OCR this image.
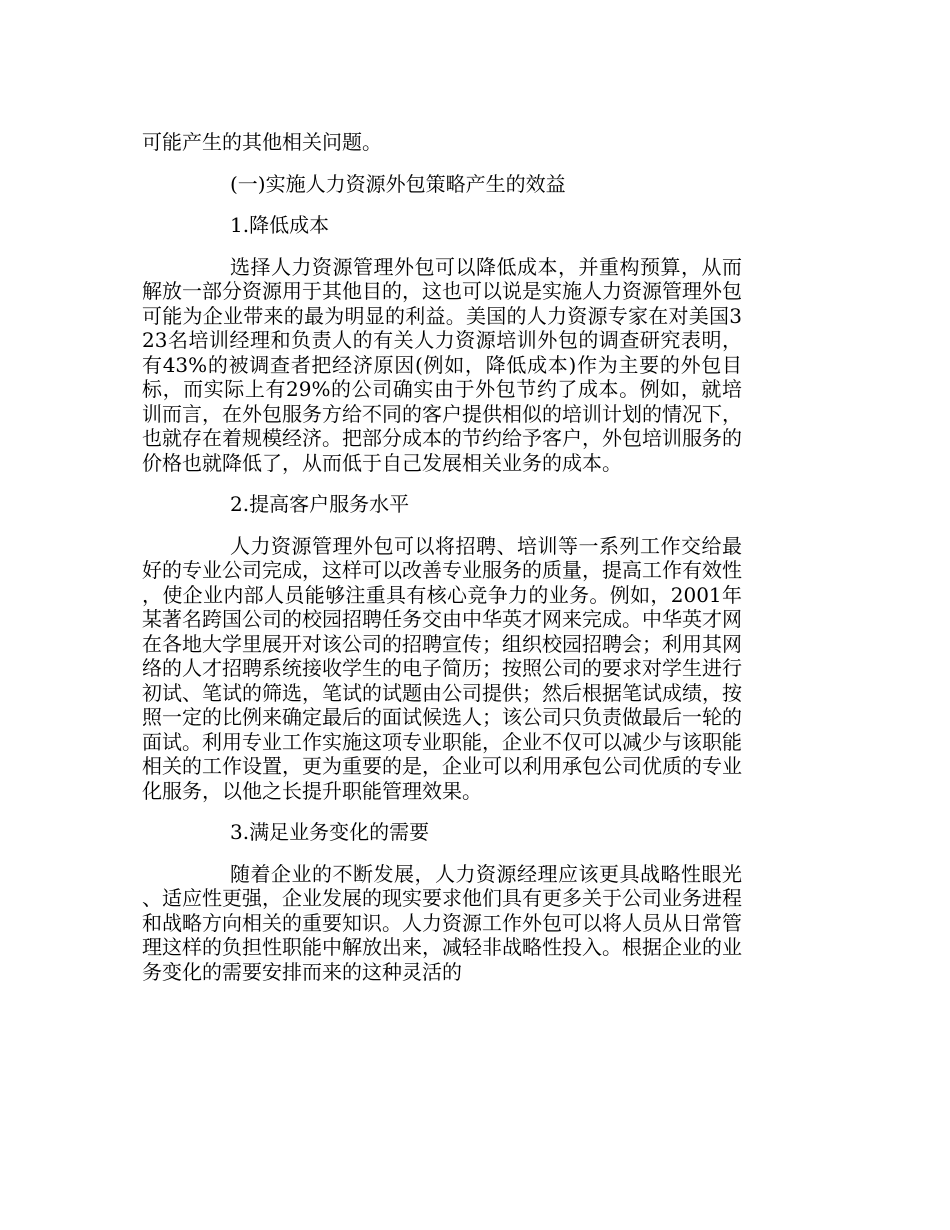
可能产生的其他相关问题。

(一)实施人力资源外包策略产生的效益

1.降低成本

选择人力资源管理外包可以降低成本，并重构预算，从而解放一部分资源用于其他目的，这也可以说是实施人力资源管理外包可能为企业带来的最为明显的利益。美国的人力资源专家在对美国323名培训经理和负责人的有关人力资源培训外包的调查研究表明，有43%的被调查者把经济原因(例如，降低成本)作为主要的外包目标，而实际上有29%的公司确实由于外包节约了成本。例如，就培训而言，在外包服务方给不同的客户提供相似的培训计划的情况下，也就存在着规模经济。把部分成本的节约给予客户，外包培训服务的价格也就降低了，从而低于自己发展相关业务的成本。

2.提高客户服务水平

人力资源管理外包可以将招聘、培训等一系列工作交给最好的专业公司完成，这样可以改善专业服务的质量，提高工作有效性，使企业内部人员能够注重具有核心竞争力的业务。例如，2001年某著名跨国公司的校园招聘任务交由中华英才网来完成。中华英才网在各地大学里展开对该公司的招聘宣传；组织校园招聘会；利用其网络的人才招聘系统接收学生的电子简历；按照公司的要求对学生进行初试、笔试的筛选，笔试的试题由公司提供；然后根据笔试成绩，按照一定的比例来确定最后的面试候选人；该公司只负责做最后一轮的面试。利用专业工作实施这项专业职能，企业不仅可以减少与该职能相关的工作设置，更为重要的是，企业可以利用承包公司优质的专业化服务，以他之长提升职能管理效果。

3.满足业务变化的需要

随着企业的不断发展，人力资源经理应该更具战略性眼光、适应性更强，企业发展的现实要求他们具有更多关于公司业务进程和战略方向相关的重要知识。人力资源工作外包可以将人员从日常管理这样的负担性职能中解放出来，减轻非战略性投入。根据企业的业务变化的需要安排而来的这种灵活的
